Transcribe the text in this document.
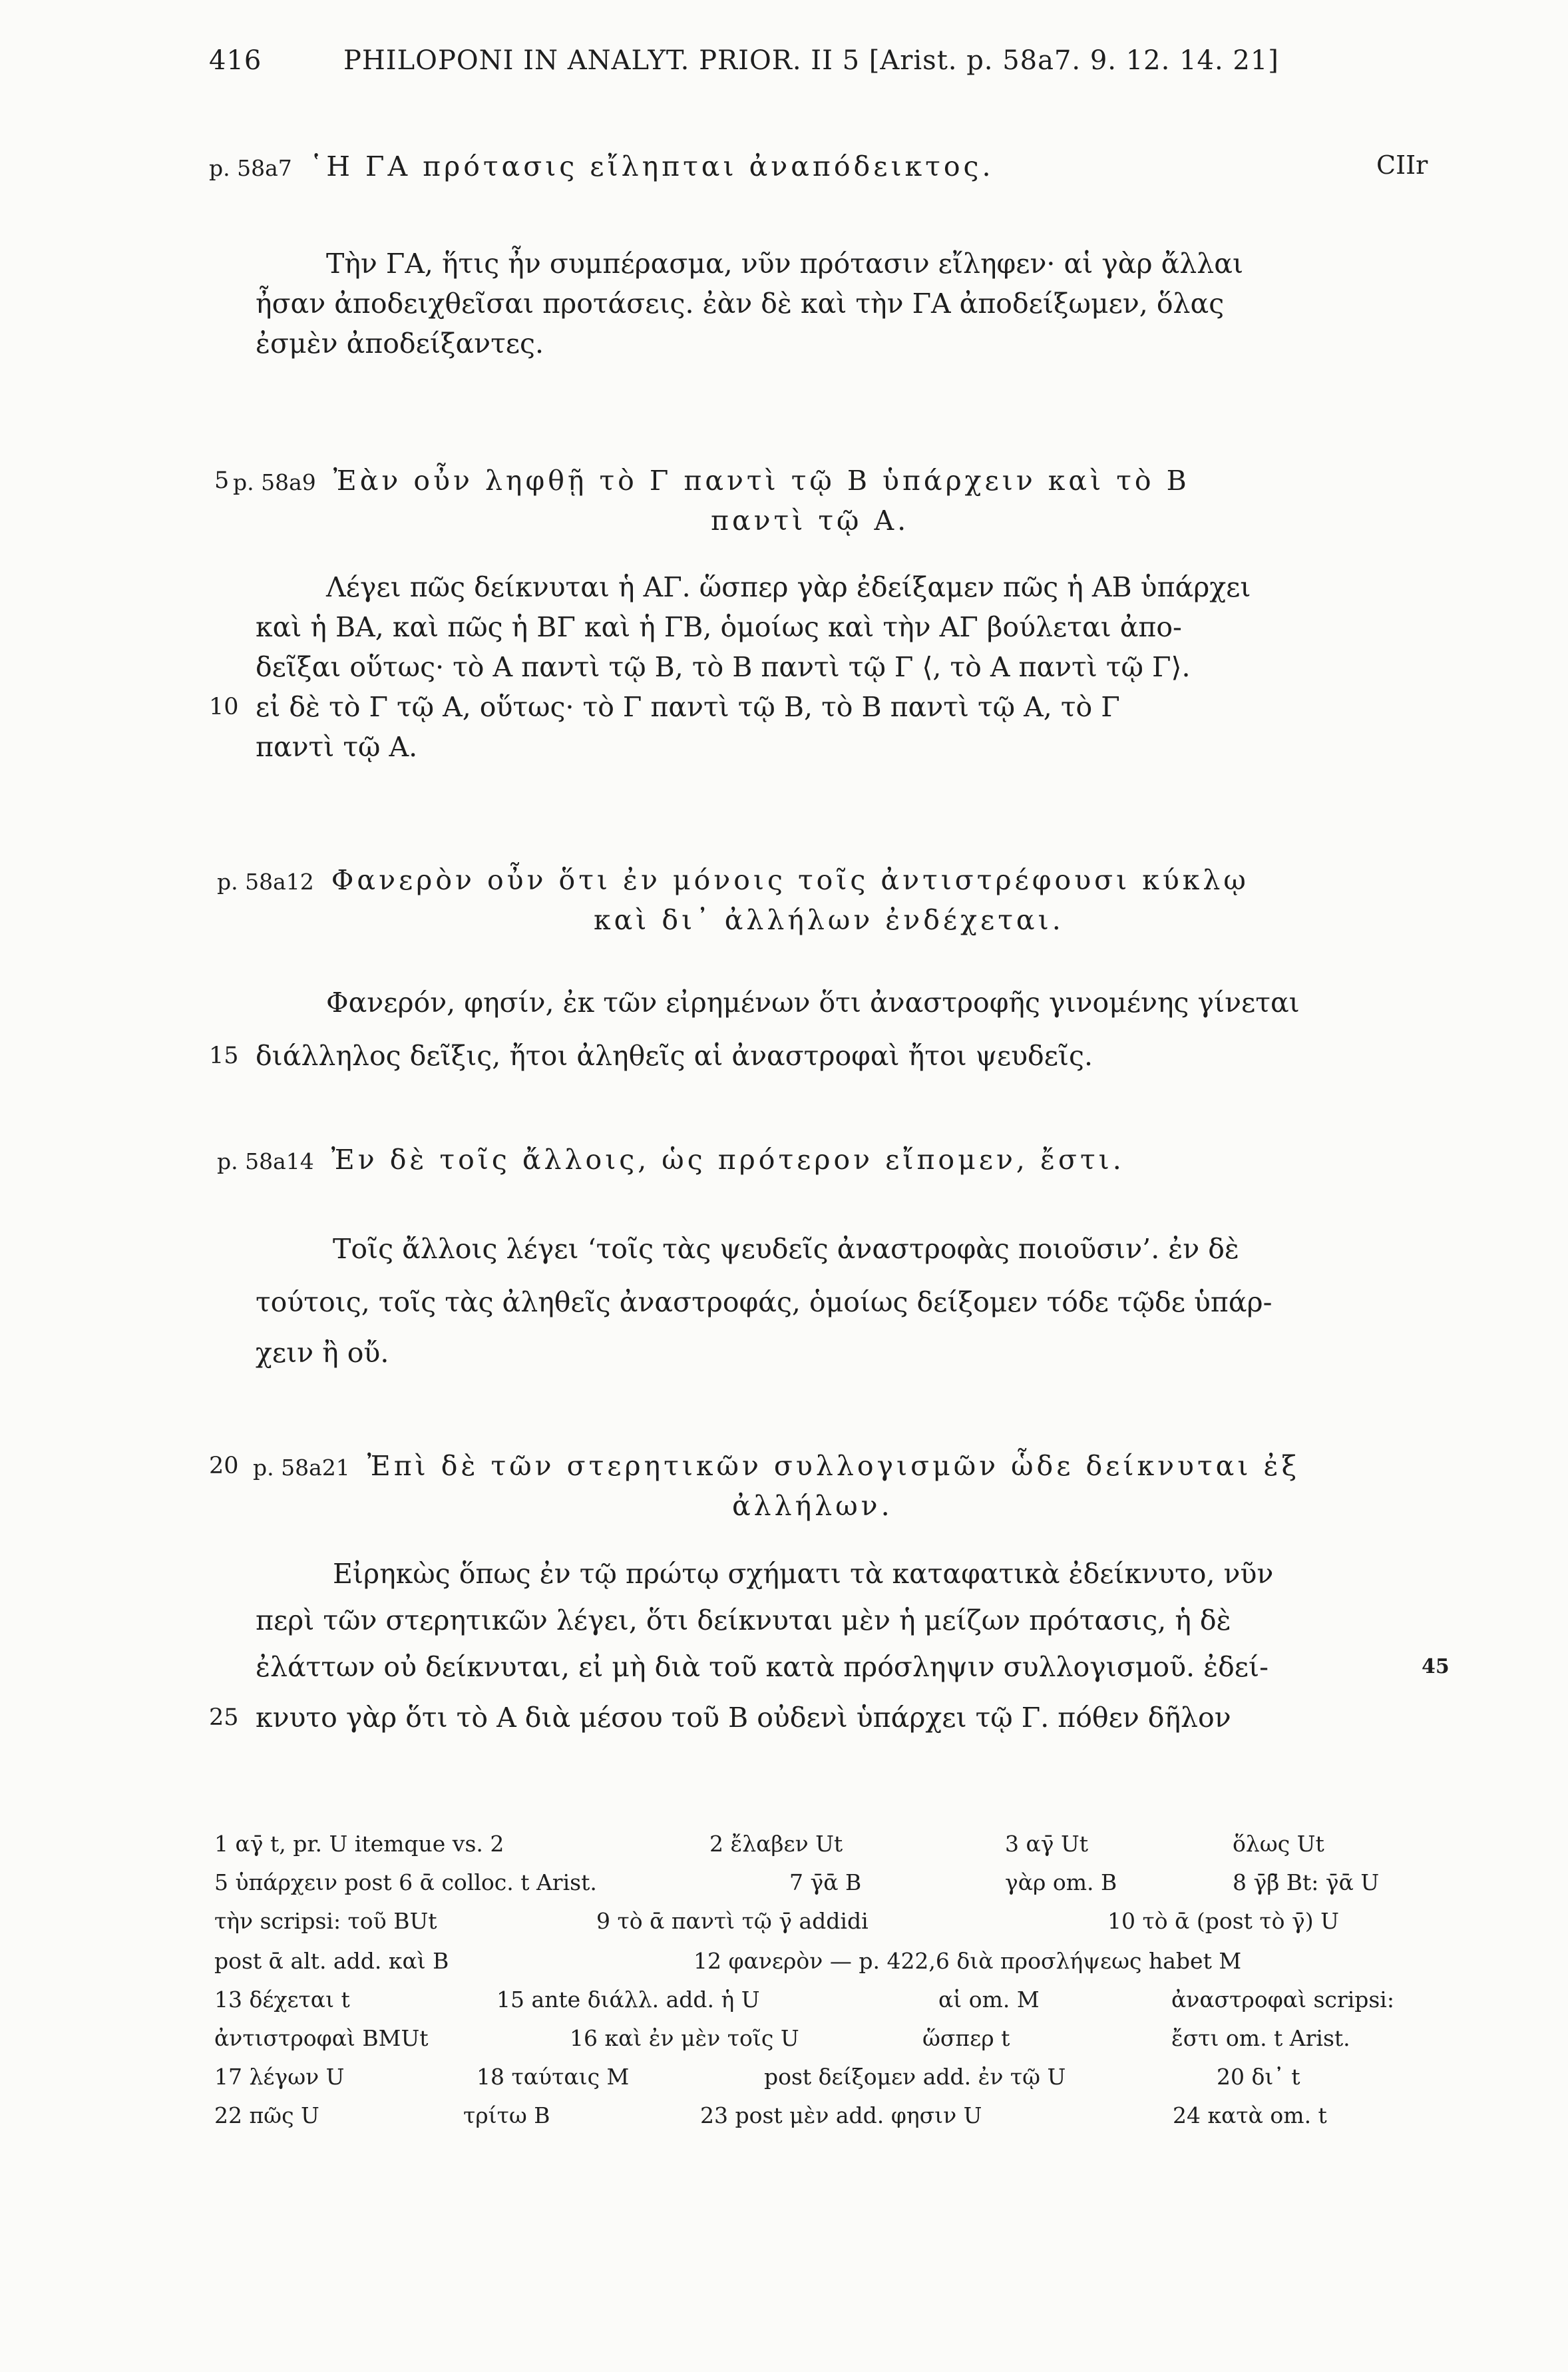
416	PHILOPONI IN ANALYT. PRIOR. II 5 [Arist. p. 58a7. 9. 12. 14. 21]
CIIr
p. 58a7 ῾Η ΓΑ πρότασις εἴληπται ἀναπόδεικτος.
Τὴν ΓΑ, ἥτις ἦν συμπέρασμα, νῦν πρότασιν εἴληφεν· αἱ γὰρ ἄλλαι
ἦσαν ἀποδειχθεῖσαι προτάσεις. ἐὰν δὲ καὶ τὴν ΓΑ ἀποδείξωμεν, ὅλας
ἐσμὲν ἀποδείξαντες.
5 p. 58a9 Ἐὰν οὖν ληφθῇ τὸ Γ παντὶ τῷ Β ὑπάρχειν καὶ τὸ Β
παντὶ τῷ Α.
Λέγει πῶς δείκνυται ἡ ΑΓ. ὥσπερ γὰρ ἐδείξαμεν πῶς ἡ ΑΒ ὑπάρχει
καὶ ἡ ΒΑ, καὶ πῶς ἡ ΒΓ καὶ ἡ ΓΒ, ὁμοίως καὶ τὴν ΑΓ βούλεται ἀπο-
δεῖξαι οὕτως· τὸ Α παντὶ τῷ Β, τὸ Β παντὶ τῷ Γ ⟨, τὸ Α παντὶ τῷ Γ⟩.
10 εἰ δὲ τὸ Γ τῷ Α, οὕτως· τὸ Γ παντὶ τῷ Β, τὸ Β παντὶ τῷ Α, τὸ Γ
παντὶ τῷ Α.
p. 58a12 Φανερὸν οὖν ὅτι ἐν μόνοις τοῖς ἀντιστρέφουσι κύκλῳ
καὶ δι᾽ ἀλλήλων ἐνδέχεται.
Φανερόν, φησίν, ἐκ τῶν εἰρημένων ὅτι ἀναστροφῆς γινομένης γίνεται
15 διάλληλος δεῖξις, ἤτοι ἀληθεῖς αἱ ἀναστροφαὶ ἤτοι ψευδεῖς.
p. 58a14 Ἐν δὲ τοῖς ἄλλοις, ὡς πρότερον εἴπομεν, ἔστι.
Τοῖς ἄλλοις λέγει ‘τοῖς τὰς ψευδεῖς ἀναστροφὰς ποιοῦσιν’. ἐν δὲ
τούτοις, τοῖς τὰς ἀληθεῖς ἀναστροφάς, ὁμοίως δείξομεν τόδε τῷδε ὑπάρ-
χειν ἢ οὔ.
20 p. 58a21 Ἐπὶ δὲ τῶν στερητικῶν συλλογισμῶν ὧδε δείκνυται ἐξ
ἀλλήλων.
Εἰρηκὼς ὅπως ἐν τῷ πρώτῳ σχήματι τὰ καταφατικὰ ἐδείκνυτο, νῦν
περὶ τῶν στερητικῶν λέγει, ὅτι δείκνυται μὲν ἡ μείζων πρότασις, ἡ δὲ
ἐλάττων οὐ δείκνυται, εἰ μὴ διὰ τοῦ κατὰ πρόσληψιν συλλογισμοῦ. ἐδεί-	45
25 κνυτο γὰρ ὅτι τὸ Α διὰ μέσου τοῦ Β οὐδενὶ ὑπάρχει τῷ Γ. πόθεν δῆλον
1 αγ̄ t, pr. U itemque vs. 2	2 ἔλαβεν Ut	3 αγ̄ Ut	ὅλως Ut
5 ὑπάρχειν post 6 ᾱ colloc. t Arist.	7 γ̄ᾱ B	γὰρ om. B	8 γ̄β̄ Bt: γ̄ᾱ U
τὴν scripsi: τοῦ BUt	9 τὸ ᾱ παντὶ τῷ γ̄ addidi	10 τὸ ᾱ (post τὸ γ̄) U
post ᾱ alt. add. καὶ B	12 φανερὸν — p. 422,6 διὰ προσλήψεως habet M
13 δέχεται t	15 ante διάλλ. add. ἡ U	αἱ om. M	ἀναστροφαὶ scripsi:
ἀντιστροφαὶ BMUt	16 καὶ ἐν μὲν τοῖς U	ὥσπερ t	ἔστι om. t Arist.
17 λέγων U	18 ταύταις M	post δείξομεν add. ἐν τῷ U	20 δι᾽ t
22 πῶς U	τρίτω B	23 post μὲν add. φησιν U	24 κατὰ om. t
